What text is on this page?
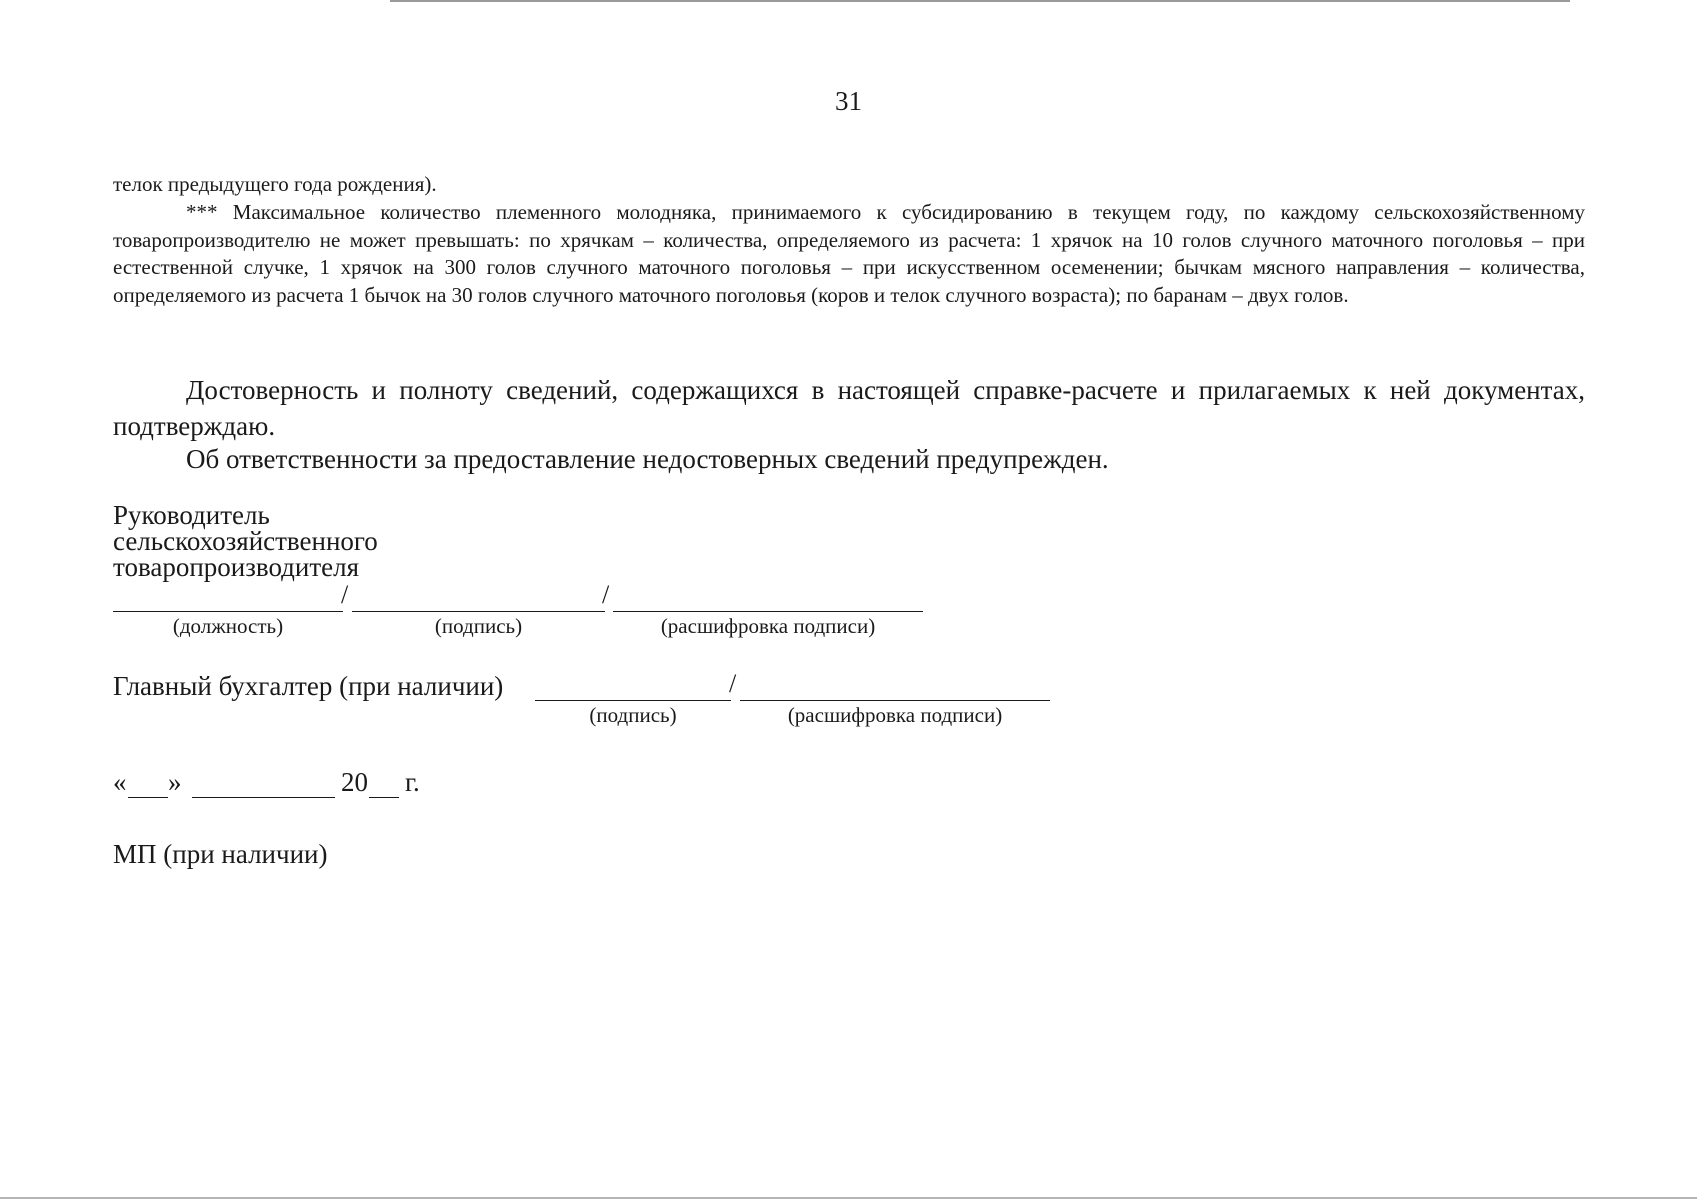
31
телок предыдущего года рождения).
*** Максимальное количество племенного молодняка, принимаемого к субсидированию в текущем году, по каждому сельскохозяйственному товаропроизводителю не может превышать: по хрячкам – количества, определяемого из расчета: 1 хрячок на 10 голов случного маточного поголовья – при естественной случке, 1 хрячок на 300 голов случного маточного поголовья – при искусственном осеменении; бычкам мясного направления – количества, определяемого из расчета 1 бычок на 30 голов случного маточного поголовья (коров и телок случного возраста); по баранам – двух голов.
Достоверность и полноту сведений, содержащихся в настоящей справке-расчете и прилагаемых к ней документах, подтверждаю.
Об ответственности за предоставление недостоверных сведений предупрежден.
Руководитель
сельскохозяйственного
товаропроизводителя
/	/
(должность)	(подпись)	(расшифровка подписи)
Главный бухгалтер (при наличии)	/
(подпись)	(расшифровка подписи)
« »	20 г.
МП (при наличии)
